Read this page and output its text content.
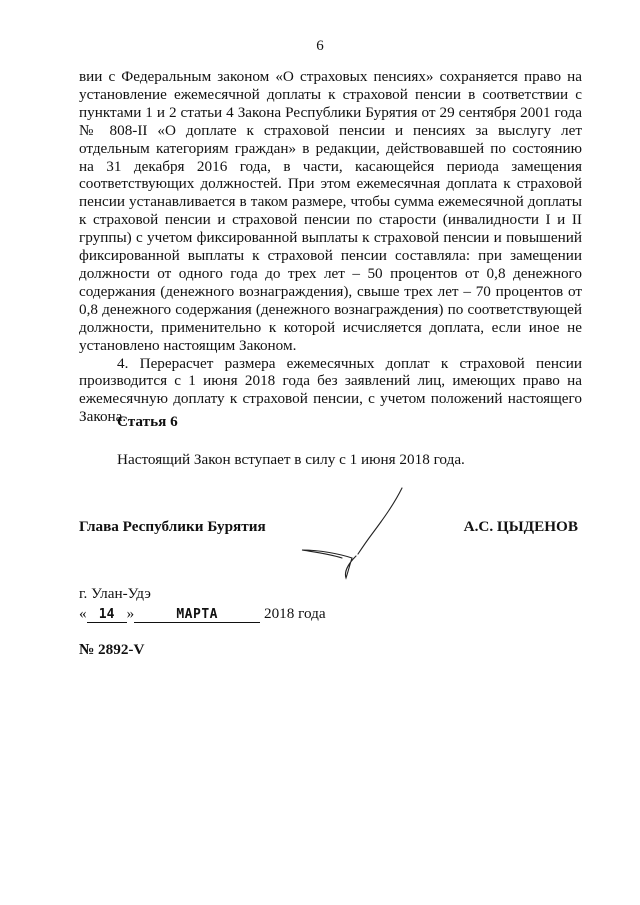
6

вии с Федеральным законом «О страховых пенсиях» сохраняется право на установление ежемесячной доплаты к страховой пенсии в соответствии с пунктами 1 и 2 статьи 4 Закона Республики Бурятия от 29 сентября 2001 года № 808-II «О доплате к страховой пенсии и пенсиях за выслугу лет отдельным категориям граждан» в редакции, действовавшей по состоянию на 31 декабря 2016 года, в части, касающейся периода замещения соответствующих должностей. При этом ежемесячная доплата к страховой пенсии устанавливается в таком размере, чтобы сумма ежемесячной доплаты к страховой пенсии и страховой пенсии по старости (инвалидности I и II группы) с учетом фиксированной выплаты к страховой пенсии и повышений фиксированной выплаты к страховой пенсии составляла: при замещении должности от одного года до трех лет – 50 процентов от 0,8 денежного содержания (денежного вознаграждения), свыше трех лет – 70 процентов от 0,8 денежного содержания (денежного вознаграждения) по соответствующей должности, применительно к которой исчисляется доплата, если иное не установлено настоящим Законом.

4. Перерасчет размера ежемесячных доплат к страховой пенсии производится с 1 июня 2018 года без заявлений лиц, имеющих право на ежемесячную доплату к страховой пенсии, с учетом положений настоящего Закона.

Статья 6
Настоящий Закон вступает в силу с 1 июня 2018 года.
Глава Республики Бурятия	А.С. ЦЫДЕНОВ
г. Улан-Удэ
« 14 »	МАРТА	2018 года
№ 2892-V
